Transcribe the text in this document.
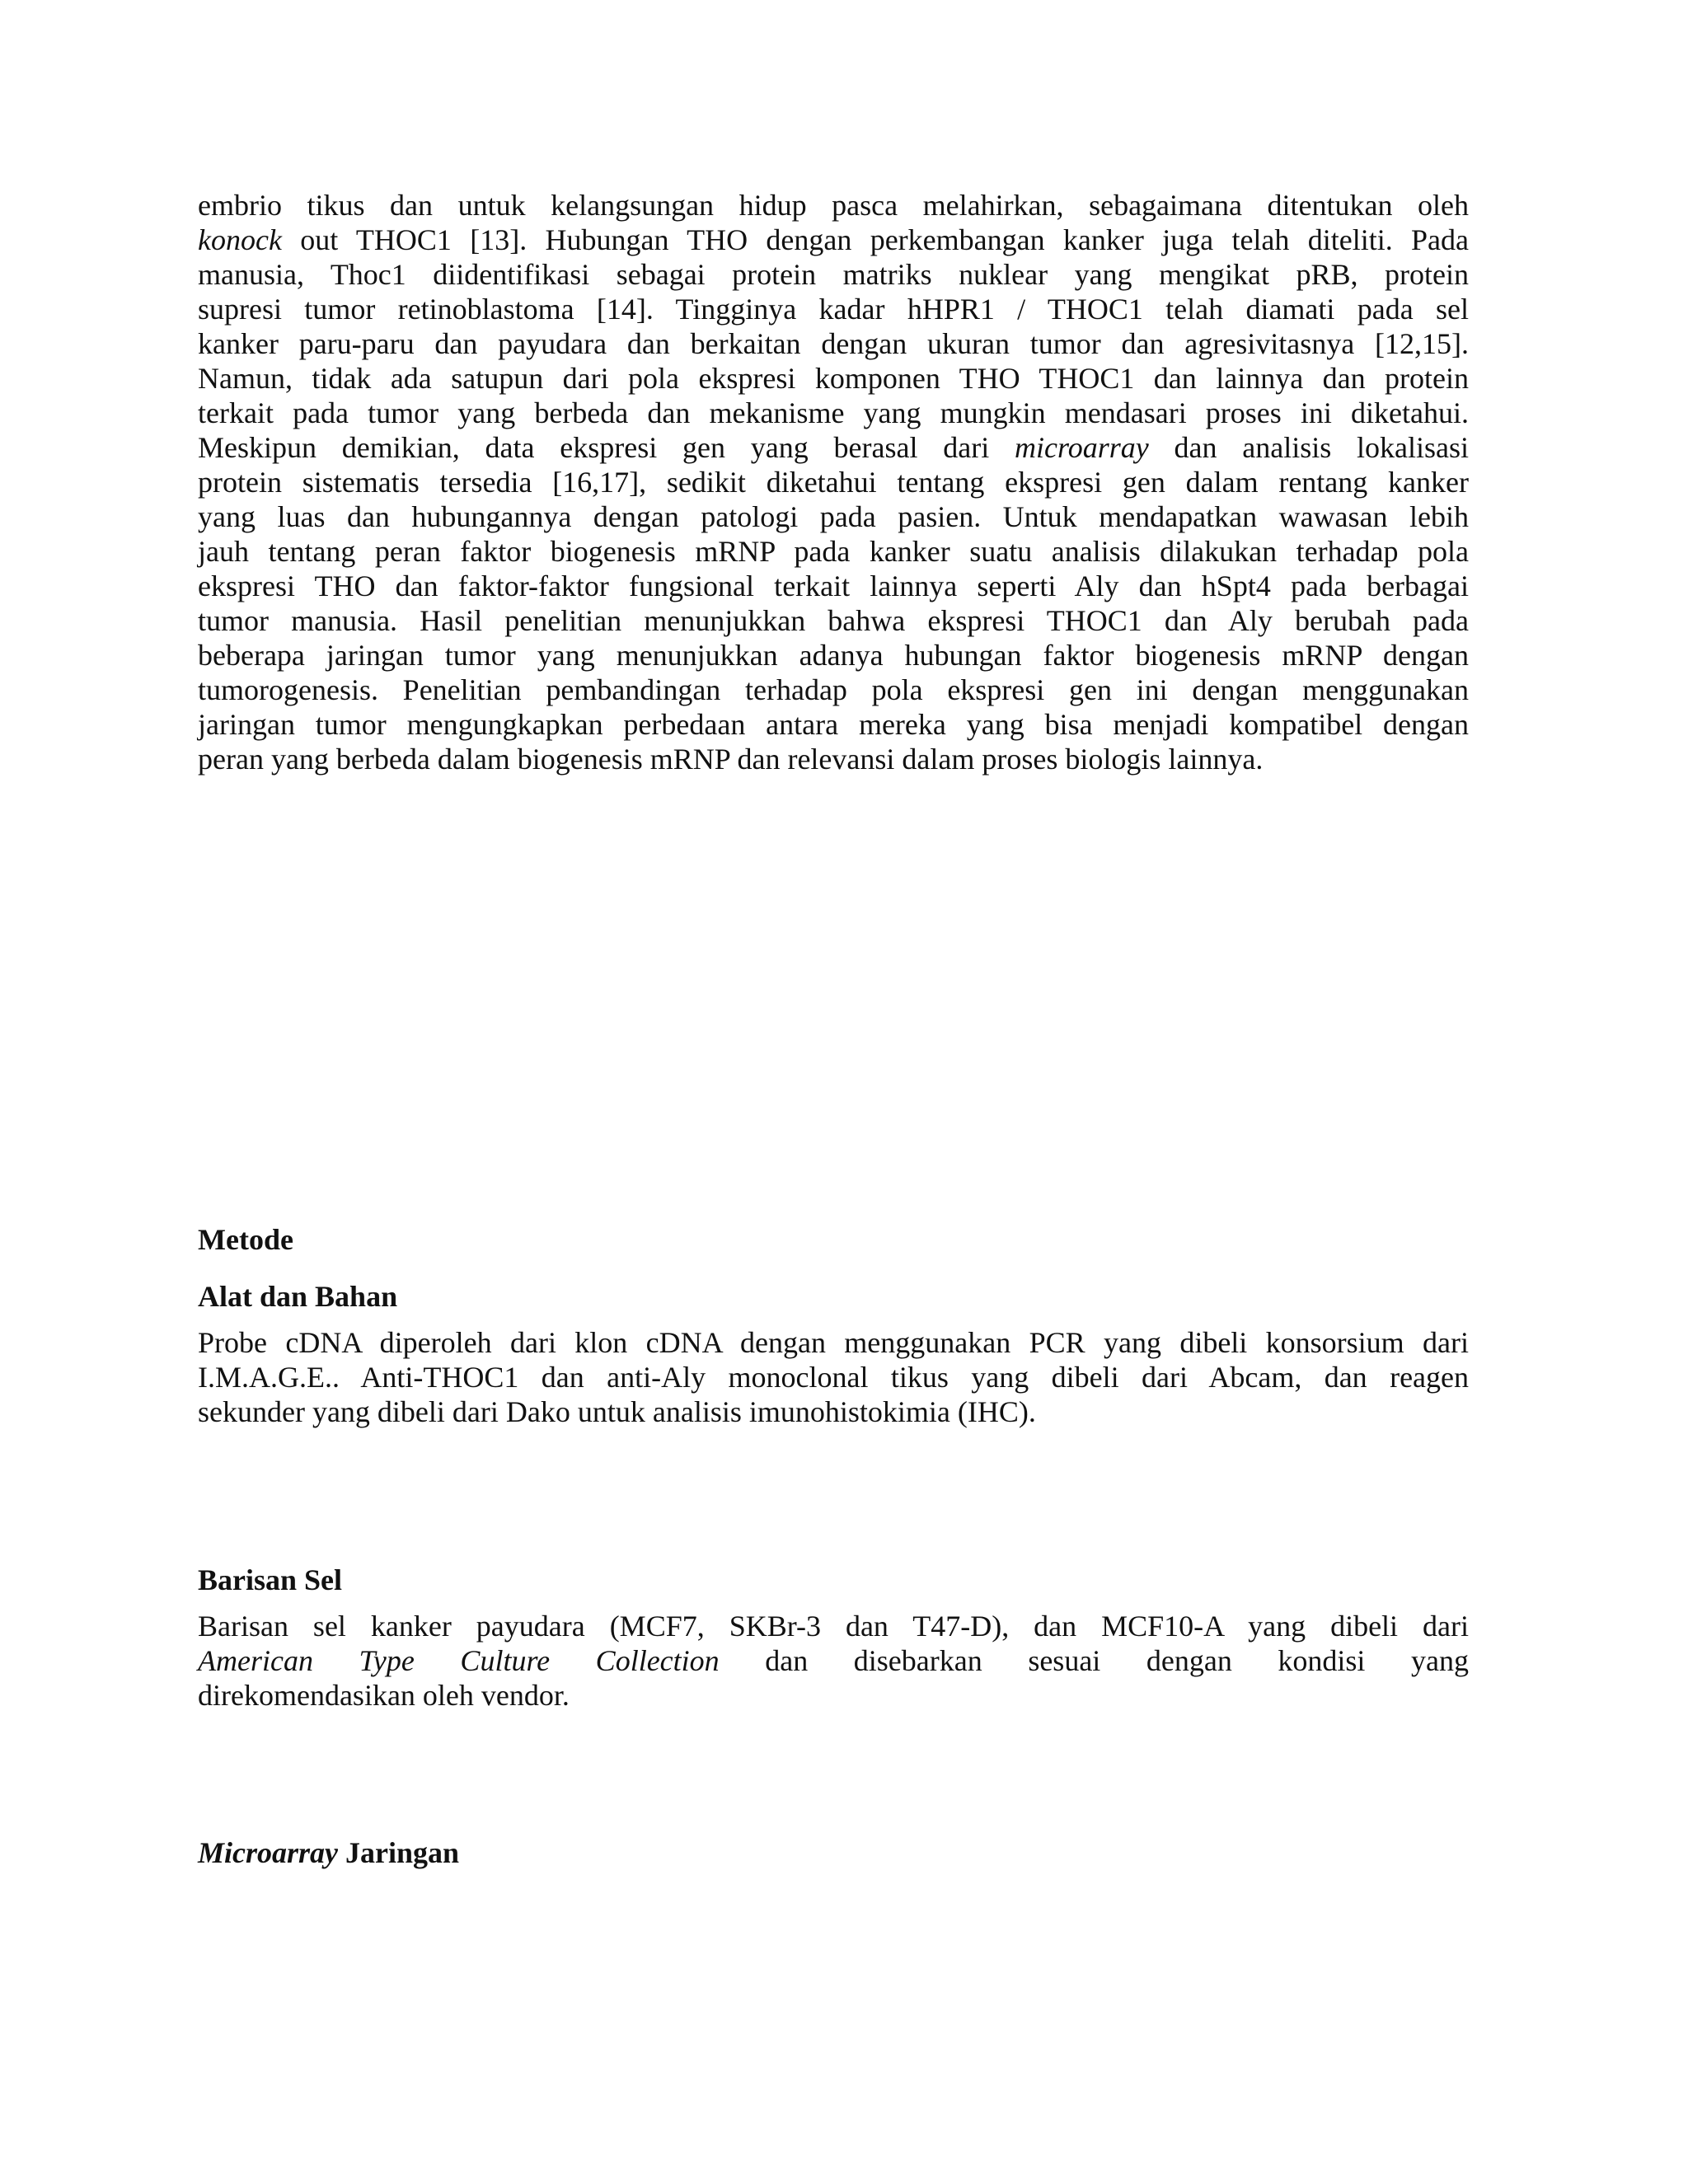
embrio tikus dan untuk kelangsungan hidup pasca melahirkan, sebagaimana ditentukan oleh
konock out THOC1 [13]. Hubungan THO dengan perkembangan kanker juga telah diteliti. Pada
manusia, Thoc1 diidentifikasi sebagai protein matriks nuklear yang mengikat pRB, protein
supresi tumor retinoblastoma [14]. Tingginya kadar hHPR1 / THOC1 telah diamati pada sel
kanker paru-paru dan payudara dan berkaitan dengan ukuran tumor dan agresivitasnya [12,15].
Namun, tidak ada satupun dari pola ekspresi komponen THO THOC1 dan lainnya dan protein
terkait pada tumor yang berbeda dan mekanisme yang mungkin mendasari proses ini diketahui.
Meskipun demikian, data ekspresi gen yang berasal dari microarray dan analisis lokalisasi
protein sistematis tersedia [16,17], sedikit diketahui tentang ekspresi gen dalam rentang kanker
yang luas dan hubungannya dengan patologi pada pasien. Untuk mendapatkan wawasan lebih
jauh tentang peran faktor biogenesis mRNP pada kanker suatu analisis dilakukan terhadap pola
ekspresi THO dan faktor-faktor fungsional terkait lainnya seperti Aly dan hSpt4 pada berbagai
tumor manusia. Hasil penelitian menunjukkan bahwa ekspresi THOC1 dan Aly berubah pada
beberapa jaringan tumor yang menunjukkan adanya hubungan faktor biogenesis mRNP dengan
tumorogenesis. Penelitian pembandingan terhadap pola ekspresi gen ini dengan menggunakan
jaringan tumor mengungkapkan perbedaan antara mereka yang bisa menjadi kompatibel dengan
peran yang berbeda dalam biogenesis mRNP dan relevansi dalam proses biologis lainnya.

Metode

Alat dan Bahan

Probe cDNA diperoleh dari klon cDNA dengan menggunakan PCR yang dibeli konsorsium dari
I.M.A.G.E.. Anti-THOC1 dan anti-Aly monoclonal tikus yang dibeli dari Abcam, dan reagen
sekunder yang dibeli dari Dako untuk analisis imunohistokimia (IHC).

Barisan Sel

Barisan sel kanker payudara (MCF7, SKBr-3 dan T47-D), dan MCF10-A yang dibeli dari
American Type Culture Collection dan disebarkan sesuai dengan kondisi yang
direkomendasikan oleh vendor.

Microarray Jaringan
